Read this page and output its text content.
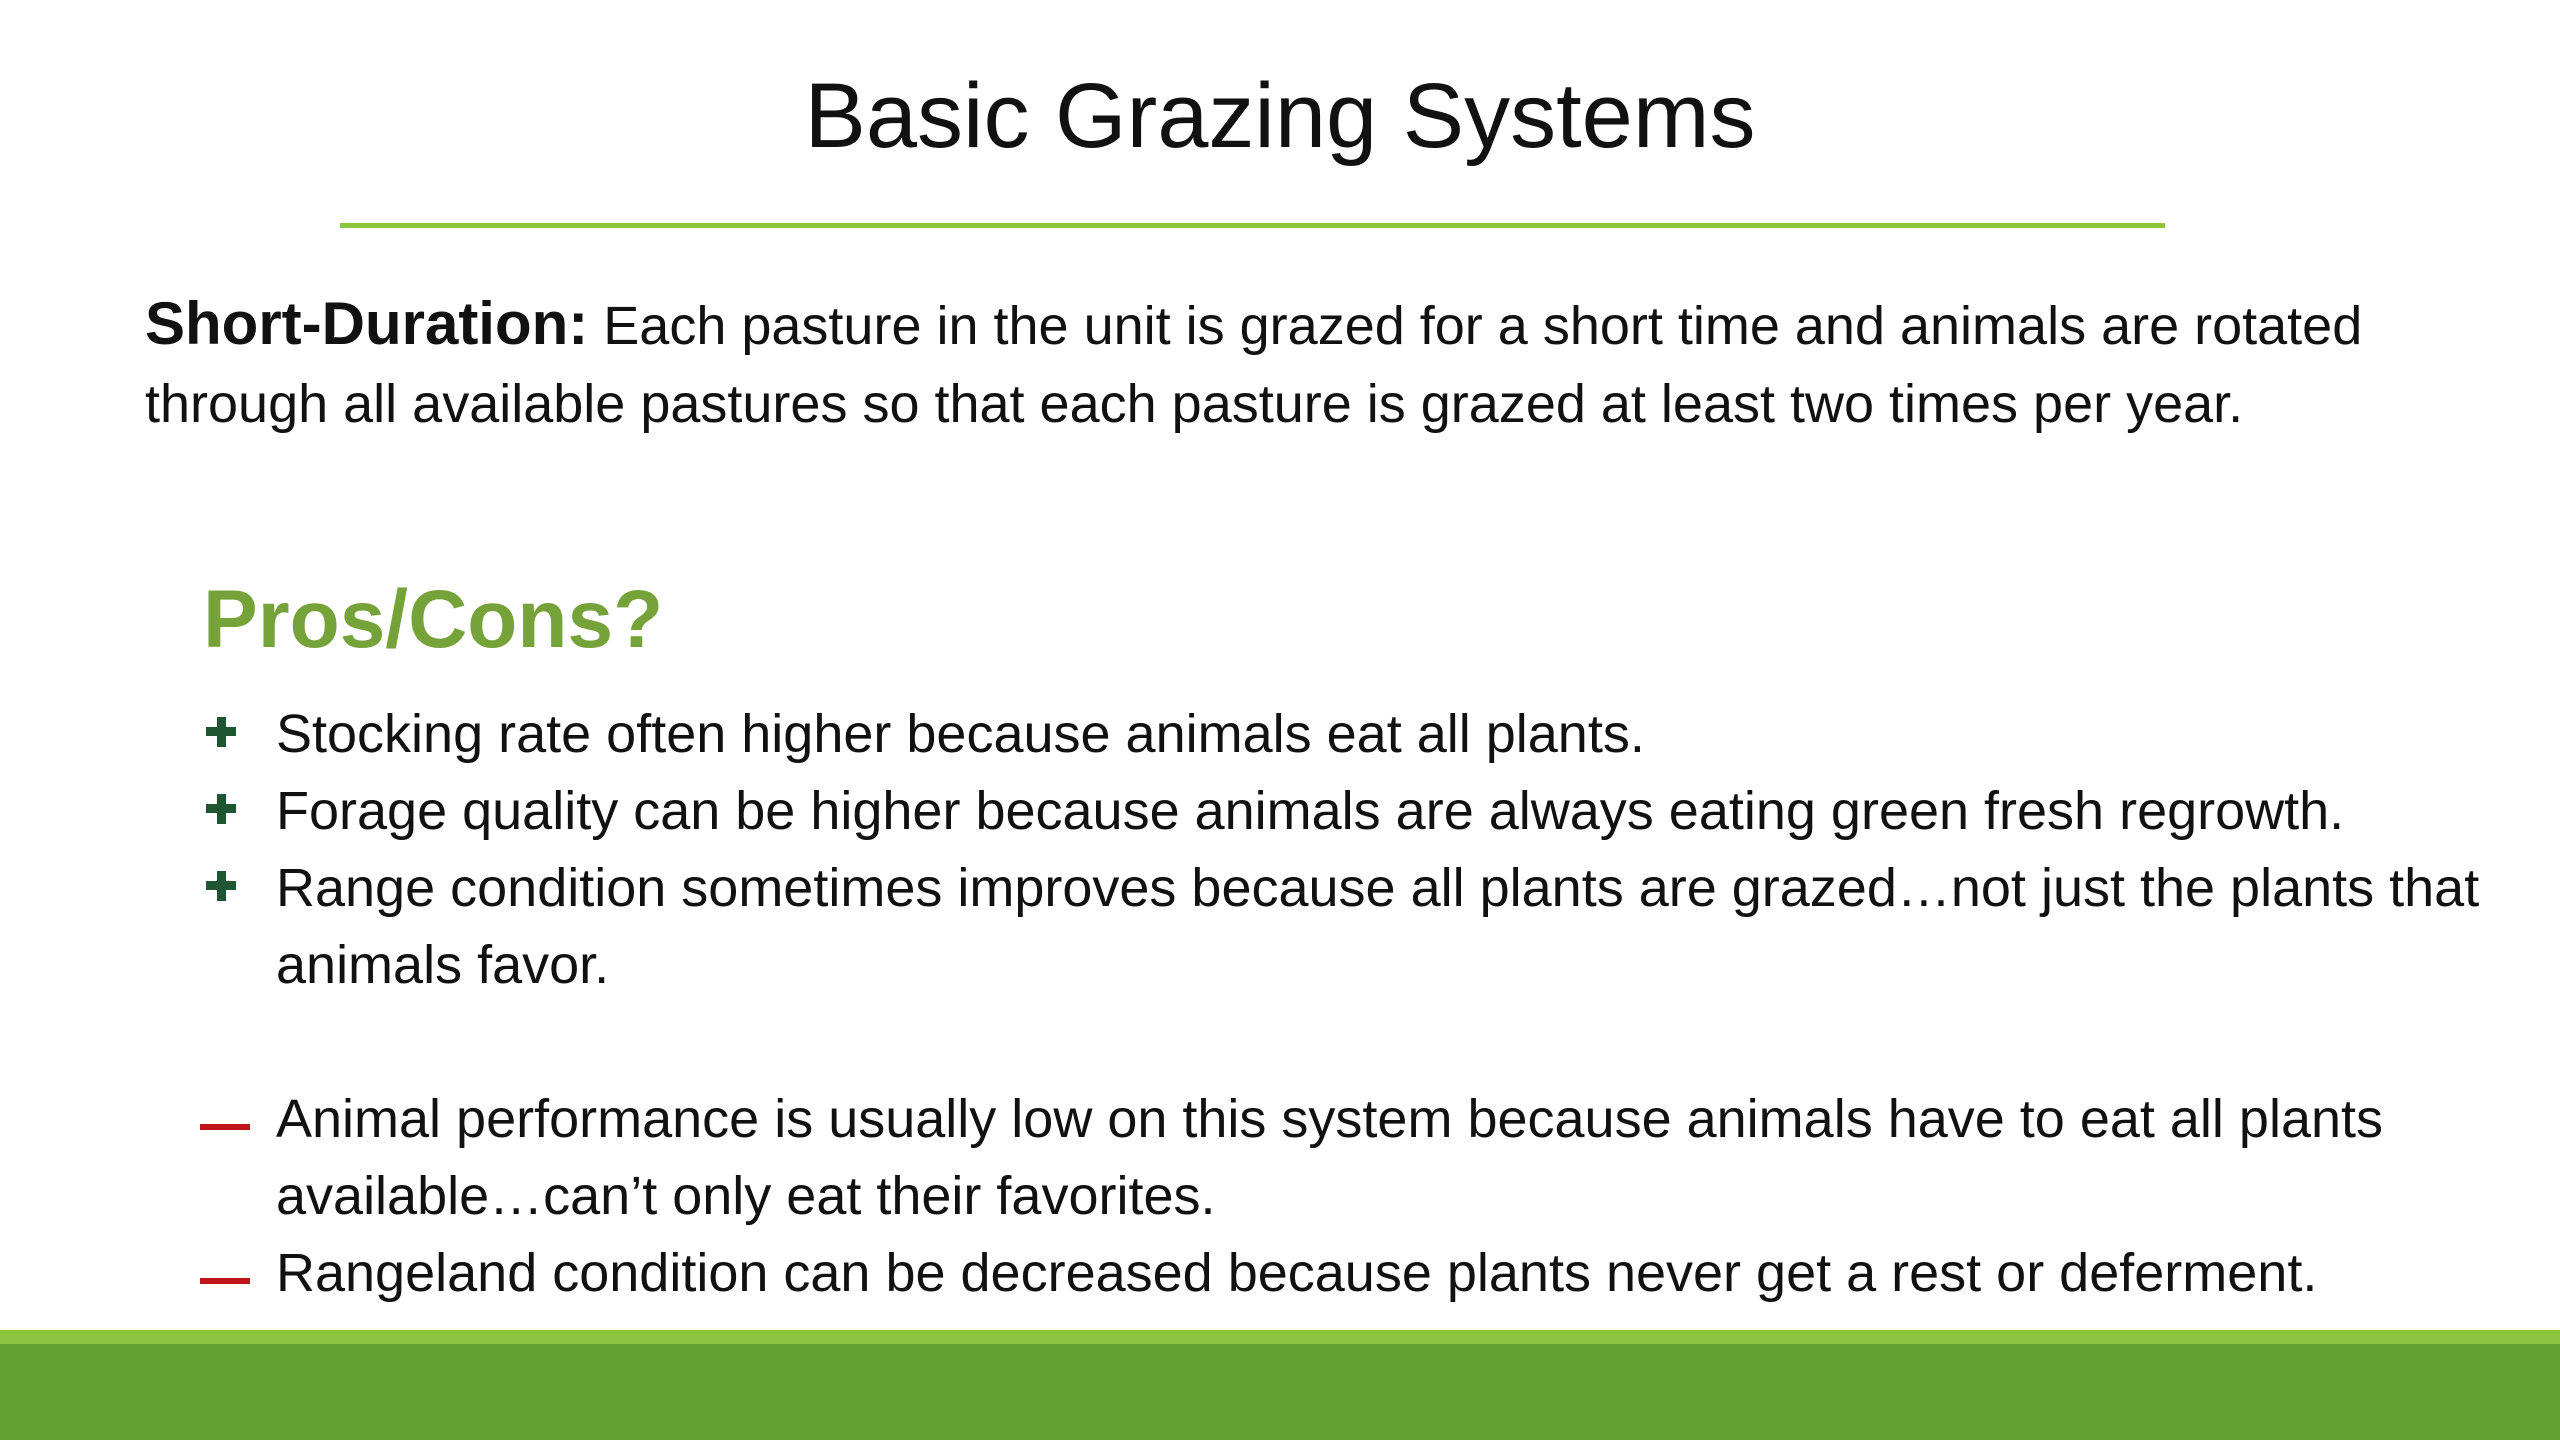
Basic Grazing Systems

Short-Duration: Each pasture in the unit is grazed for a short time and animals are rotated through all available pastures so that each pasture is grazed at least two times per year.

Pros/Cons?
Stocking rate often higher because animals eat all plants.
Forage quality can be higher because animals are always eating green fresh regrowth.
Range condition sometimes improves because all plants are grazed…not just the plants that animals favor.
Animal performance is usually low on this system because animals have to eat all plants available…can’t only eat their favorites.
Rangeland condition can be decreased because plants never get a rest or deferment.
